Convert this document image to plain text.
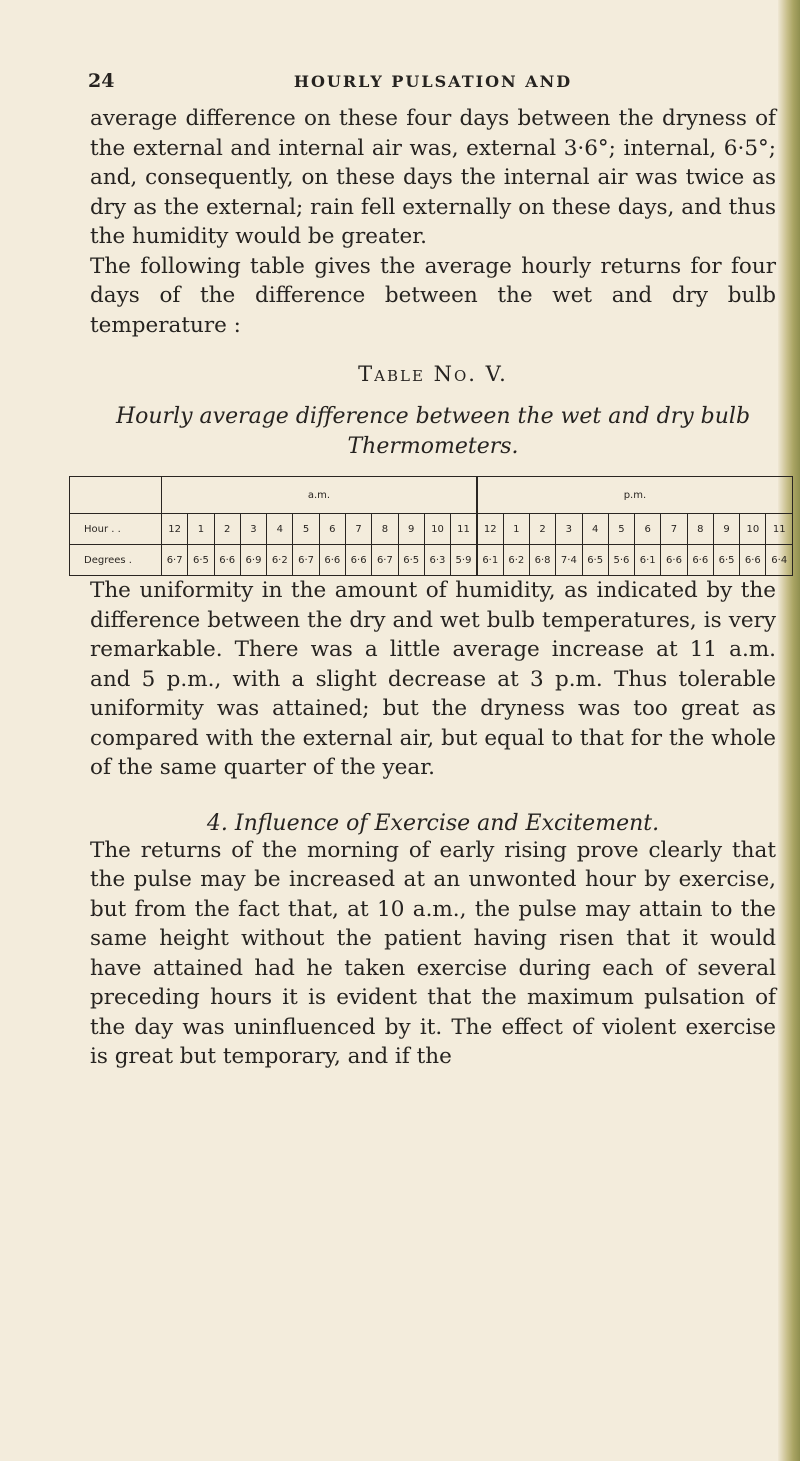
24	HOURLY PULSATION AND

average difference on these four days between the dryness of the external and internal air was, external 3·6°; internal, 6·5°; and, consequently, on these days the internal air was twice as dry as the external; rain fell externally on these days, and thus the humidity would be greater.

The following table gives the average hourly returns for four days of the difference between the wet and dry bulb temperature :

Table No. V.
Hourly average difference between the wet and dry bulb Thermometers.
	a.m.												p.m.											
Hour . .	12	1	2	3	4	5	6	7	8	9	10	11	12	1	2	3	4	5	6	7	8	9	10	11
Degrees .	6·7	6·5	6·6	6·9	6·2	6·7	6·6	6·6	6·7	6·5	6·3	5·9	6·1	6·2	6·8	7·4	6·5	5·6	6·1	6·6	6·6	6·5	6·6	6·4

The uniformity in the amount of humidity, as indicated by the difference between the dry and wet bulb temperatures, is very remarkable. There was a little average increase at 11 a.m. and 5 p.m., with a slight decrease at 3 p.m. Thus tolerable uniformity was attained; but the dryness was too great as compared with the external air, but equal to that for the whole of the same quarter of the year.

4. Influence of Exercise and Excitement.

The returns of the morning of early rising prove clearly that the pulse may be increased at an unwonted hour by exercise, but from the fact that, at 10 a.m., the pulse may attain to the same height without the patient having risen that it would have attained had he taken exercise during each of several preceding hours it is evident that the maximum pulsation of the day was uninfluenced by it. The effect of violent exercise is great but temporary, and if the
